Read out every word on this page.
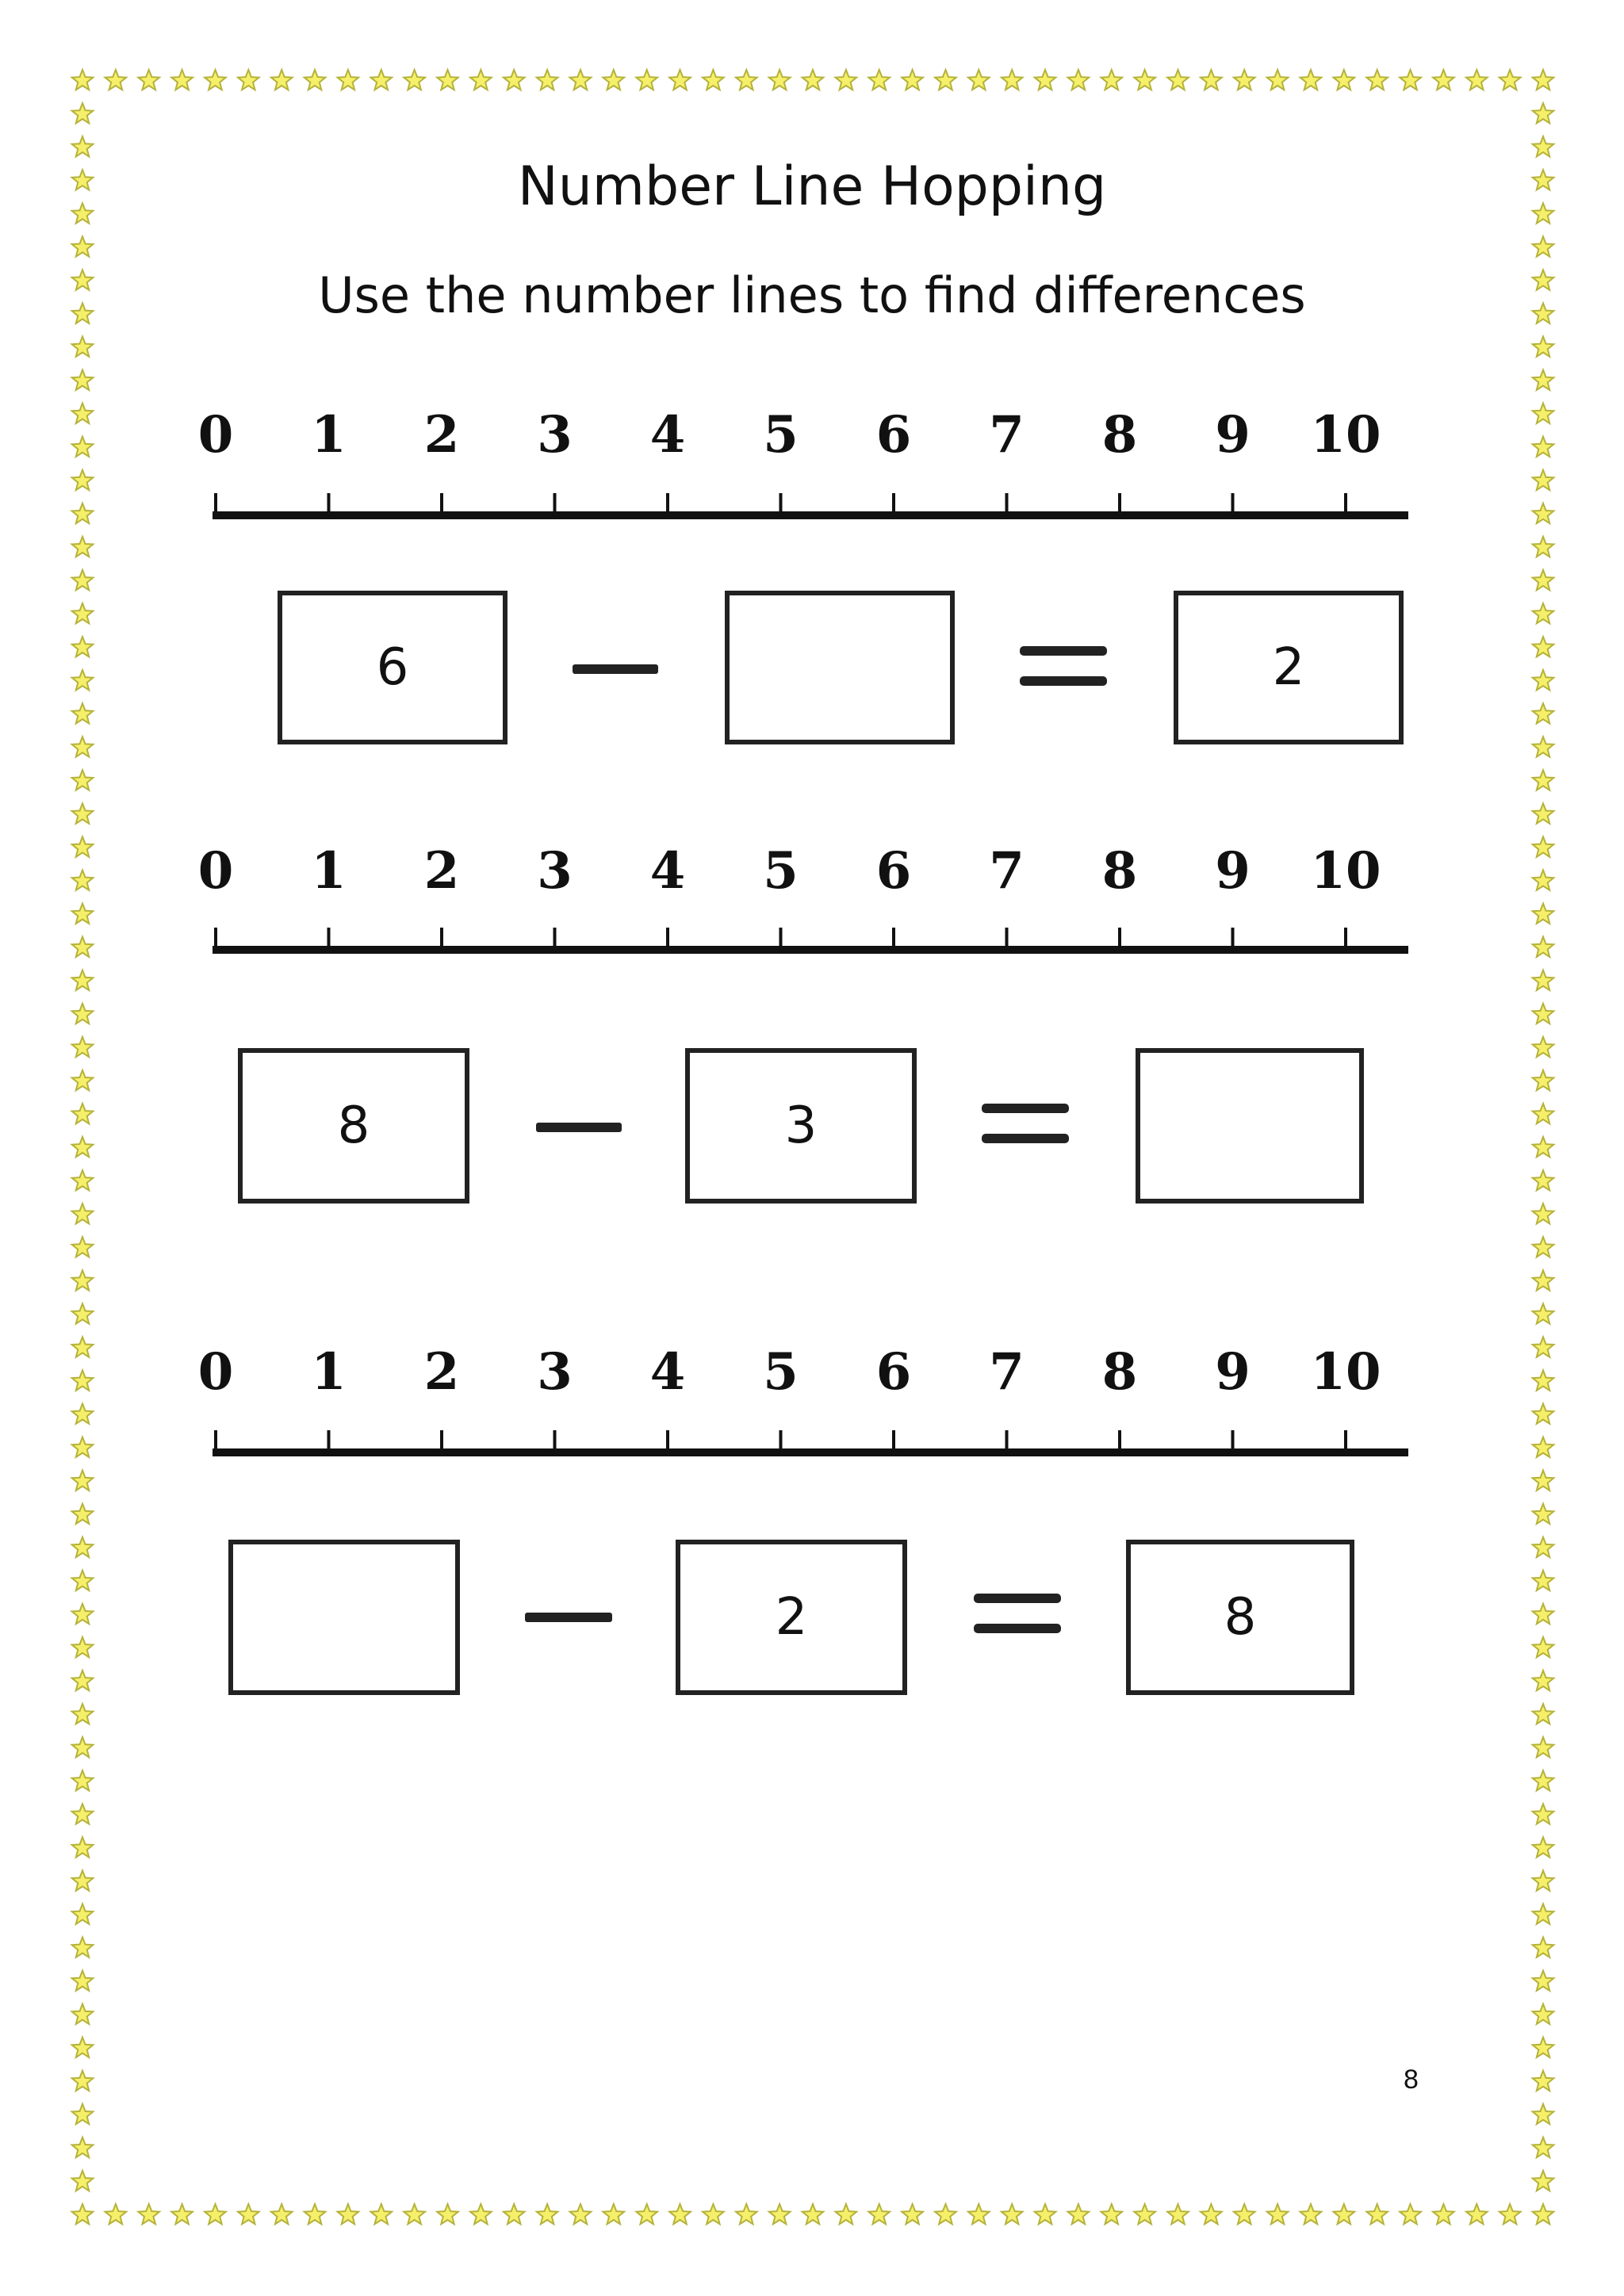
Number Line Hopping
Use the number lines to find differences
0 1 2 3 4 5 6 7 8 9 10
6	2
0 1 2 3 4 5 6 7 8 9 10
8	3
0 1 2 3 4 5 6 7 8 9 10
2	8
8
